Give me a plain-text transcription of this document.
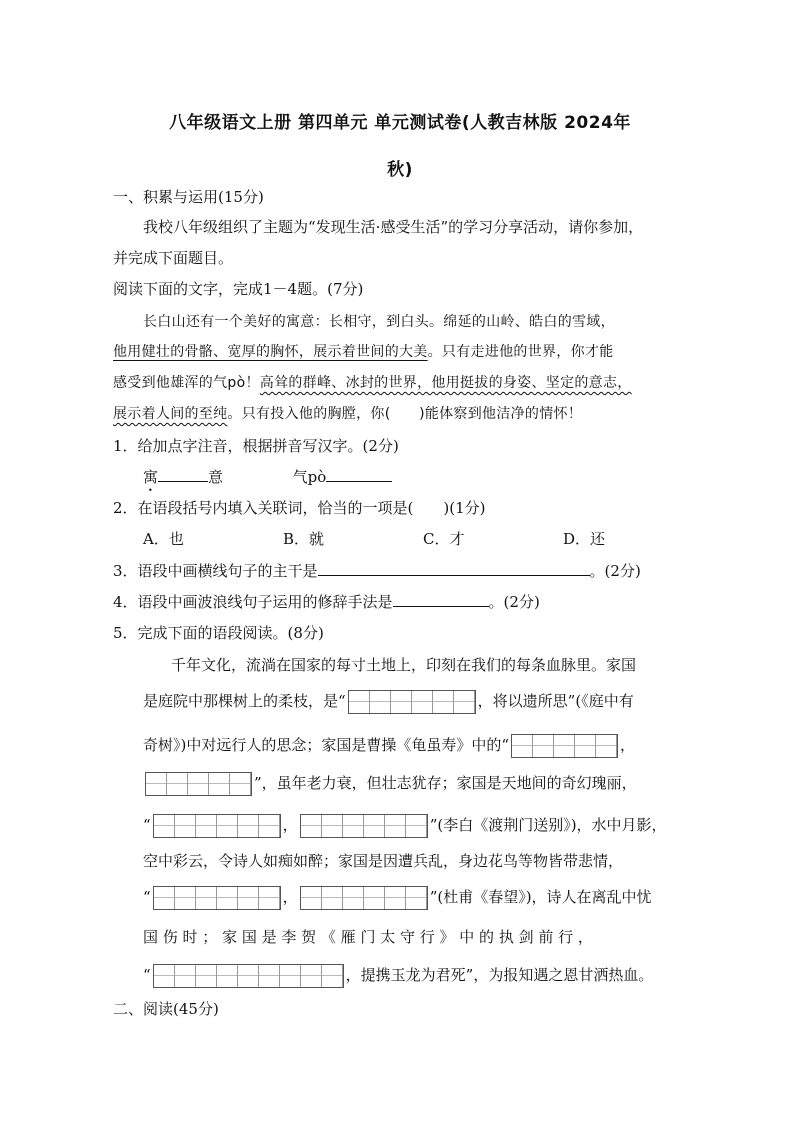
八年级语文上册 第四单元 单元测试卷(人教吉林版 2024年
秋)
一、积累与运用(15分)
我校八年级组织了主题为“发现生活·感受生活”的学习分享活动，请你参加，
并完成下面题目。
阅读下面的文字，完成1－4题。(7分)
长白山还有一个美好的寓意：长相守，到白头。绵延的山岭、皓白的雪域，
他用健壮的骨骼、宽厚的胸怀，展示着世间的大美。只有走进他的世界，你才能
感受到他雄浑的气pò！高耸的群峰、冰封的世界，他用挺拔的身姿、坚定的意志，
展示着人间的至纯。只有投入他的胸膛，你(　　)能体察到他洁净的情怀！
1．给加点字注音，根据拼音写汉字。(2分)
寓	意	气pò
2．在语段括号内填入关联词，恰当的一项是(　　)(1分)
A．也	B．就	C．才	D．还
3．语段中画横线句子的主干是	。(2分)
4．语段中画波浪线句子运用的修辞手法是	。(2分)
5．完成下面的语段阅读。(8分)
千年文化，流淌在国家的每寸土地上，印刻在我们的每条血脉里。家国
是庭院中那棵树上的柔枝，是“	，将以遗所思”(《庭中有
奇树》)中对远行人的思念；家国是曹操《龟虽寿》中的“	，
”，虽年老力衰，但壮志犹存；家国是天地间的奇幻瑰丽，
“	，	”(李白《渡荆门送别》)，水中月影，
空中彩云，令诗人如痴如醉；家国是因遭兵乱，身边花鸟等物皆带悲情，
“	，	”(杜甫《春望》)，诗人在离乱中忧
国 伤 时 ； 家 国 是 李 贺 《 雁 门 太 守 行 》 中 的 执 剑 前 行 ，
“	，提携玉龙为君死”，为报知遇之恩甘洒热血。
二、阅读(45分)
